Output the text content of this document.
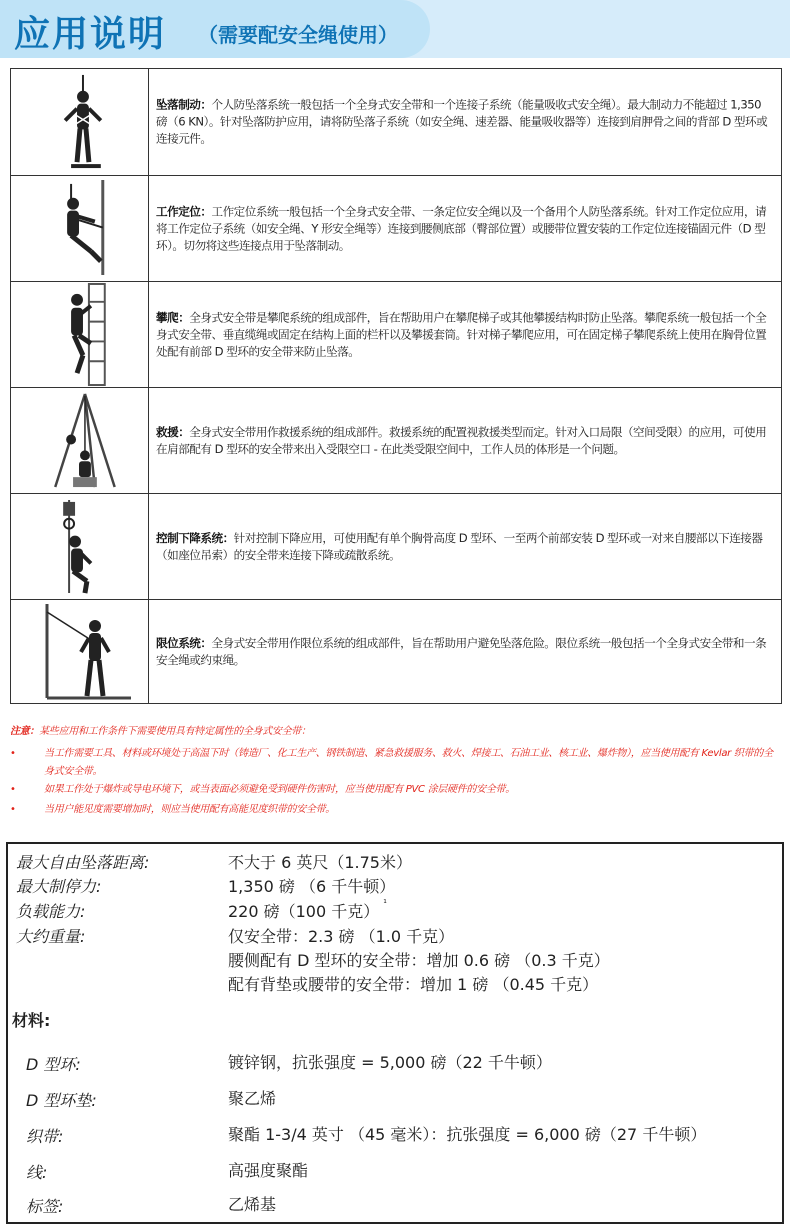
应用说明 （需要配安全绳使用）
坠落制动：个人防坠落系统一般包括一个全身式安全带和一个连接子系统（能量吸收式安全绳）。最大制动力不能超过 1,350 磅（6 KN）。针对坠落防护应用，请将防坠落子系统（如安全绳、速差器、能量吸收器等）连接到肩胛骨之间的背部 D 型环或连接元件。
工作定位：工作定位系统一般包括一个全身式安全带、一条定位安全绳以及一个备用个人防坠落系统。针对工作定位应用，请将工作定位子系统（如安全绳、Y 形安全绳等）连接到腰侧底部（臀部位置）或腰带位置安装的工作定位连接锚固元件（D 型环）。切勿将这些连接点用于坠落制动。
攀爬：全身式安全带是攀爬系统的组成部件，旨在帮助用户在攀爬梯子或其他攀援结构时防止坠落。攀爬系统一般包括一个全身式安全带、垂直缆绳或固定在结构上面的栏杆以及攀援套筒。针对梯子攀爬应用，可在固定梯子攀爬系统上使用在胸骨位置处配有前部 D 型环的安全带来防止坠落。
救援：全身式安全带用作救援系统的组成部件。救援系统的配置视救援类型而定。针对入口局限（空间受限）的应用，可使用在肩部配有 D 型环的安全带来出入受限空口 - 在此类受限空间中，工作人员的体形是一个问题。
控制下降系统：针对控制下降应用，可使用配有单个胸骨高度 D 型环、一至两个前部安装 D 型环或一对来自腰部以下连接器（如座位吊索）的安全带来连接下降或疏散系统。
限位系统：全身式安全带用作限位系统的组成部件，旨在帮助用户避免坠落危险。限位系统一般包括一个全身式安全带和一条安全绳或约束绳。
注意：某些应用和工作条件下需要使用具有特定属性的全身式安全带：
•	当工作需要工具、材料或环境处于高温下时（铸造厂、化工生产、钢铁制造、紧急救援服务、救火、焊接工、石油工业、核工业、爆炸物），应当使用配有 Kevlar 织带的全身式安全带。
•	如果工作处于爆炸或导电环境下，或当表面必须避免受到硬件伤害时，应当使用配有 PVC 涂层硬件的安全带。
•	当用户能见度需要增加时，则应当使用配有高能见度织带的安全带。
最大自由坠落距离:	不大于 6 英尺（1.75米）
最大制停力:	1,350 磅 （6 千牛顿）
负载能力:	220 磅（100 千克） $^{^1}$
大约重量:	仅安全带：2.3 磅 （1.0 千克）
腰侧配有 D 型环的安全带：增加 0.6 磅 （0.3 千克）
配有背垫或腰带的安全带：增加 1 磅 （0.45 千克）
材料:
D 型环:	镀锌钢，抗张强度 = 5,000 磅（22 千牛顿）
D 型环垫:	聚乙烯
织带:	聚酯 1-3/4 英寸 （45 毫米）：抗张强度 = 6,000 磅（27 千牛顿）
线:	高强度聚酯
标签:	乙烯基
